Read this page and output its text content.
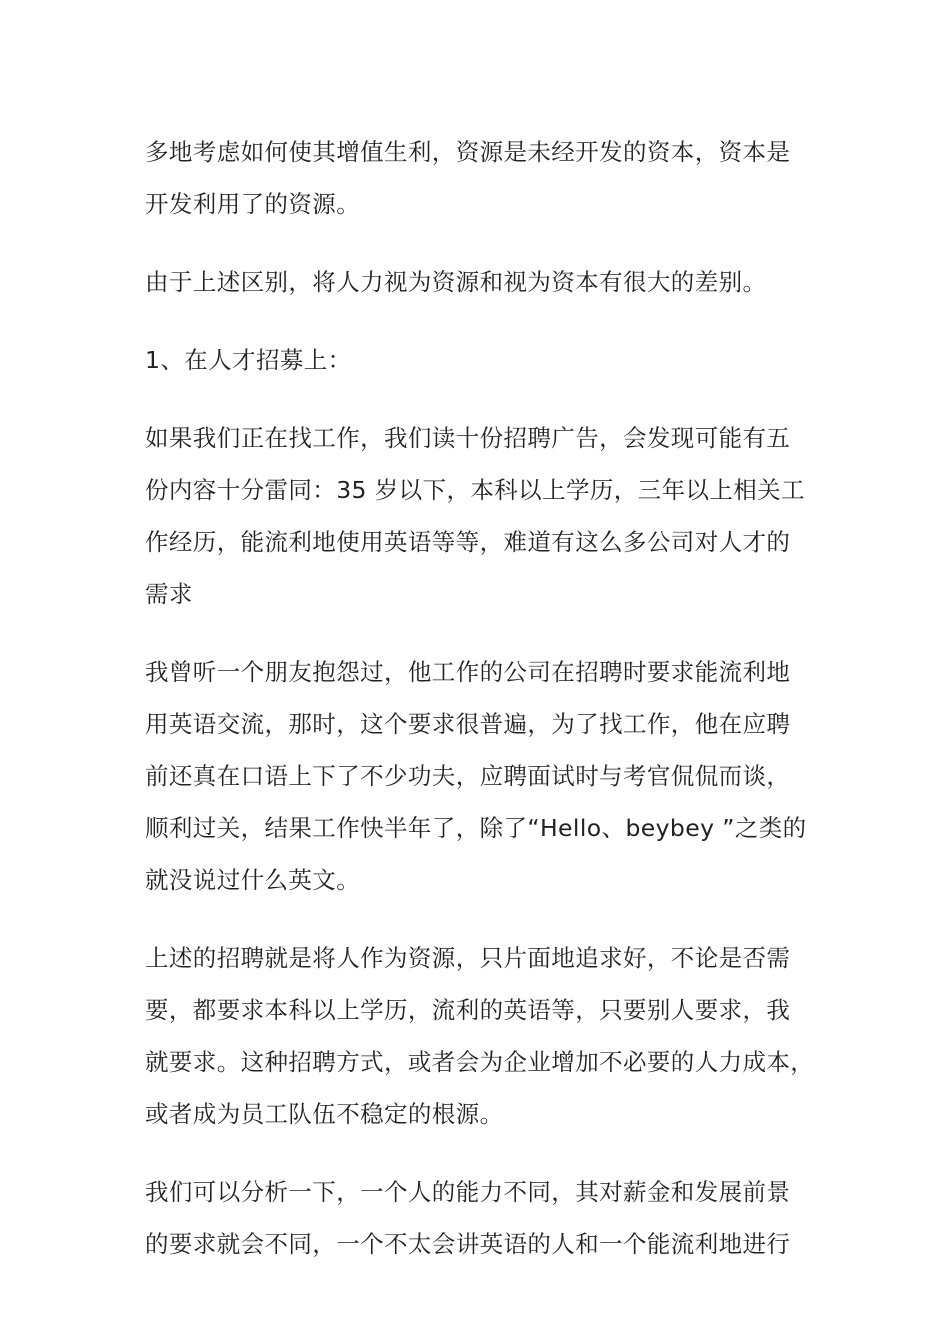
多地考虑如何使其增值生利，资源是未经开发的资本，资本是
开发利用了的资源。

由于上述区别，将人力视为资源和视为资本有很大的差别。

1、在人才招募上：

如果我们正在找工作，我们读十份招聘广告，会发现可能有五
份内容十分雷同：35 岁以下，本科以上学历，三年以上相关工
作经历，能流利地使用英语等等，难道有这么多公司对人才的
需求

我曾听一个朋友抱怨过，他工作的公司在招聘时要求能流利地
用英语交流，那时，这个要求很普遍，为了找工作，他在应聘
前还真在口语上下了不少功夫，应聘面试时与考官侃侃而谈，
顺利过关，结果工作快半年了，除了“Hello、beybey ”之类的
就没说过什么英文。

上述的招聘就是将人作为资源，只片面地追求好，不论是否需
要，都要求本科以上学历，流利的英语等，只要别人要求，我
就要求。这种招聘方式，或者会为企业增加不必要的人力成本，
或者成为员工队伍不稳定的根源。

我们可以分析一下，一个人的能力不同，其对薪金和发展前景
的要求就会不同，一个不太会讲英语的人和一个能流利地进行
